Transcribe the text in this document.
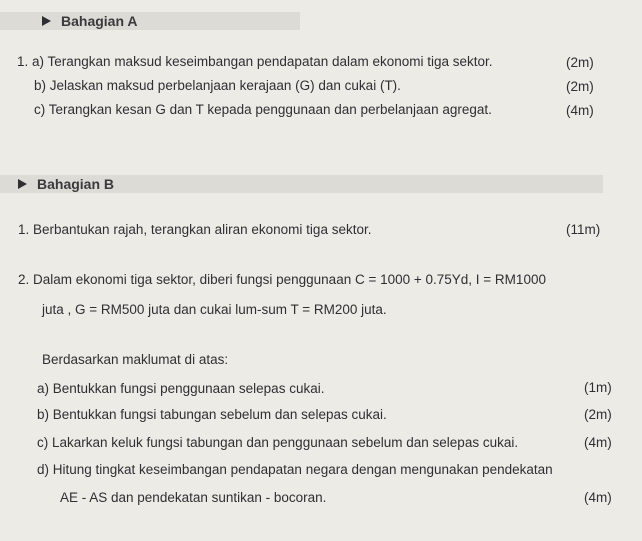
Bahagian A
1. a) Terangkan maksud keseimbangan pendapatan dalam ekonomi tiga sektor.	(2m)
b) Jelaskan maksud perbelanjaan kerajaan (G) dan cukai (T).	(2m)
c) Terangkan kesan G dan T kepada penggunaan dan perbelanjaan agregat.	(4m)
Bahagian B
1. Berbantukan rajah, terangkan aliran ekonomi tiga sektor.	(11m)
2. Dalam ekonomi tiga sektor, diberi fungsi penggunaan C = 1000 + 0.75Yd, I = RM1000
juta , G = RM500 juta dan cukai lum-sum T = RM200 juta.
Berdasarkan maklumat di atas:
a) Bentukkan fungsi penggunaan selepas cukai.	(1m)
b) Bentukkan fungsi tabungan sebelum dan selepas cukai.	(2m)
c) Lakarkan keluk fungsi tabungan dan penggunaan sebelum dan selepas cukai.	(4m)
d) Hitung tingkat keseimbangan pendapatan negara dengan mengunakan pendekatan
AE - AS dan pendekatan suntikan - bocoran.	(4m)
